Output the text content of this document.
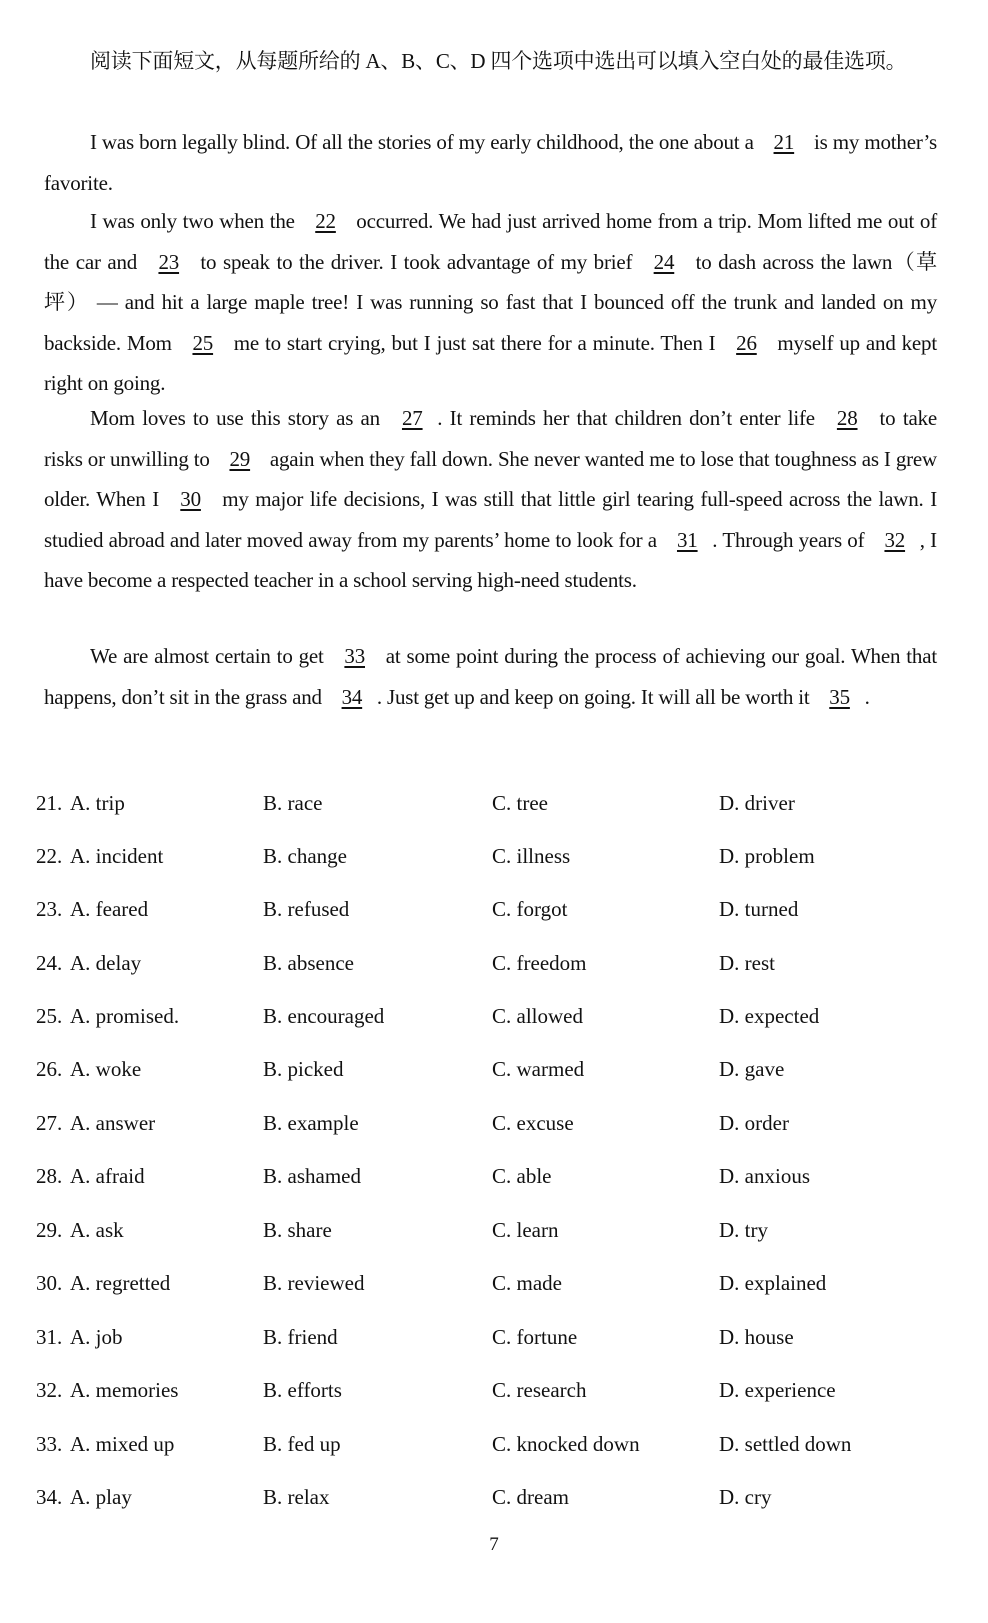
阅读下面短文，从每题所给的 A、B、C、D 四个选项中选出可以填入空白处的最佳选项。
I was born legally blind. Of all the stories of my early childhood, the one about a 21 is my mother’s favorite.
I was only two when the 22 occurred. We had just arrived home from a trip. Mom lifted me out of the car and 23 to speak to the driver. I took advantage of my brief 24 to dash across the lawn（草坪） — and hit a large maple tree! I was running so fast that I bounced off the trunk and landed on my backside. Mom 25 me to start crying, but I just sat there for a minute. Then I 26 myself up and kept right on going.
Mom loves to use this story as an 27 . It reminds her that children don’t enter life 28 to take risks or unwilling to 29 again when they fall down. She never wanted me to lose that toughness as I grew older. When I 30 my major life decisions, I was still that little girl tearing full-speed across the lawn. I studied abroad and later moved away from my parents’ home to look for a 31 . Through years of 32 , I have become a respected teacher in a school serving high-need students.
We are almost certain to get 33 at some point during the process of achieving our goal. When that happens, don’t sit in the grass and 34 . Just get up and keep on going. It will all be worth it 35 .
21. A. trip	B. race	C. tree	D. driver
22. A. incident	B. change	C. illness	D. problem
23. A. feared	B. refused	C. forgot	D. turned
24. A. delay	B. absence	C. freedom	D. rest
25. A. promised.	B. encouraged	C. allowed	D. expected
26. A. woke	B. picked	C. warmed	D. gave
27. A. answer	B. example	C. excuse	D. order
28. A. afraid	B. ashamed	C. able	D. anxious
29. A. ask	B. share	C. learn	D. try
30. A. regretted	B. reviewed	C. made	D. explained
31. A. job	B. friend	C. fortune	D. house
32. A. memories	B. efforts	C. research	D. experience
33. A. mixed up	B. fed up	C. knocked down	D. settled down
34. A. play	B. relax	C. dream	D. cry
7
